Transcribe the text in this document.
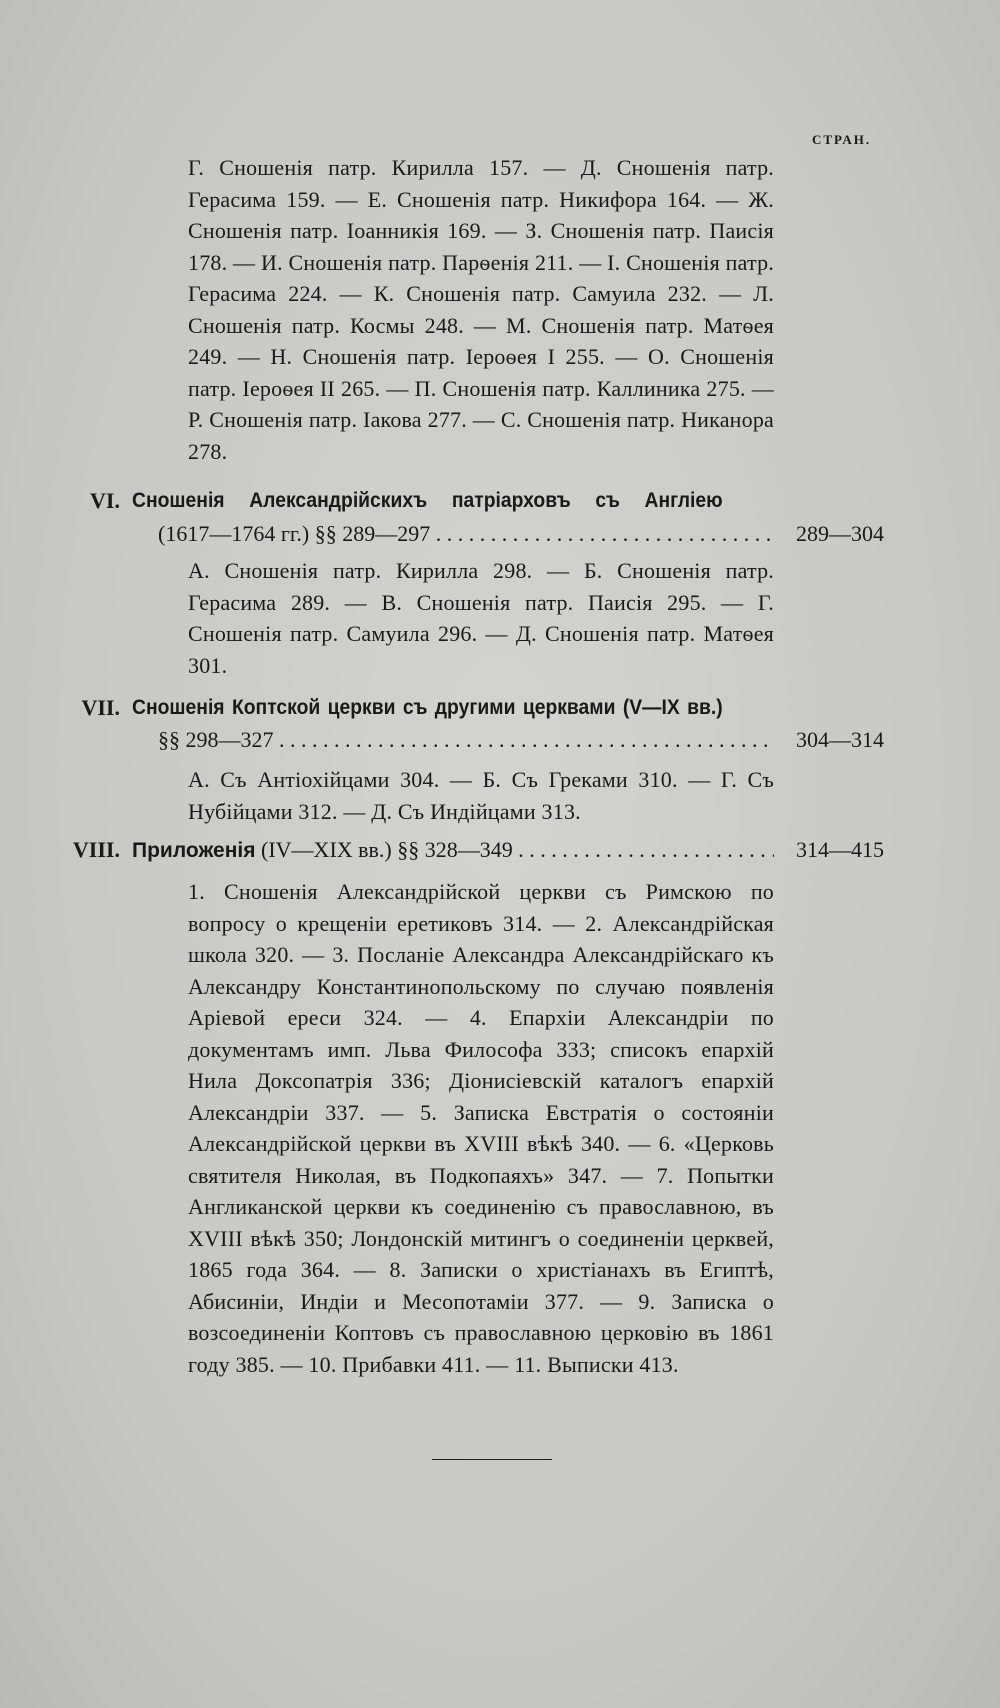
СТРАН.
Г. Сношенія патр. Кирилла 157. — Д. Сношенія патр. Герасима 159. — Е. Сношенія патр. Никифора 164. — Ж. Сношенія патр. Іоанникія 169. — З. Сношенія патр. Паисія 178. — И. Сношенія патр. Парѳенія 211. — І. Сношенія патр. Герасима 224. — К. Сношенія патр. Самуила 232. — Л. Сношенія патр. Космы 248. — М. Сношенія патр. Матѳея 249. — Н. Сношенія патр. Іероѳея I 255. — О. Сношенія патр. Іероѳея II 265. — П. Сношенія патр. Каллиника 275. — Р. Сношенія патр. Іакова 277. — С. Сношенія патр. Никанора 278.
VI. Сношенія Александрійскихъ патріарховъ съ Англіею
(1617—1764 гг.) §§ 289—297 . . .	289—304
А. Сношенія патр. Кирилла 298. — Б. Сношенія патр. Герасима 289. — В. Сношенія патр. Паисія 295. — Г. Сношенія патр. Самуила 296. — Д. Сношенія патр. Матѳея 301.
VII. Сношенія Коптской церкви съ другими церквами (V—IX вв.)
§§ 298—327 . . .	304—314
А. Съ Антіохійцами 304. — Б. Съ Греками 310. — Г. Съ Нубійцами 312. — Д. Съ Индійцами 313.
VIII. Приложенія (IV—XIX вв.) §§ 328—349 . . .	314—415
1. Сношенія Александрійской церкви съ Римскою по вопросу о крещеніи еретиковъ 314. — 2. Александрійская школа 320. — 3. Посланіе Александра Александрійскаго къ Александру Константинопольскому по случаю появленія Аріевой ереси 324. — 4. Епархіи Александріи по документамъ имп. Льва Философа 333; списокъ епархій Нила Доксопатрія 336; Діонисіевскій каталогъ епархій Александріи 337. — 5. Записка Евстратія о состояніи Александрійской церкви въ XVIII вѣкѣ 340. — 6. «Церковь святителя Николая, въ Подкопаяхъ» 347. — 7. Попытки Англиканской церкви къ соединенію съ православною, въ XVIII вѣкѣ 350; Лондонскій митингъ о соединеніи церквей, 1865 года 364. — 8. Записки о христіанахъ въ Египтѣ, Абисиніи, Индіи и Месопотаміи 377. — 9. Записка о возсоединеніи Коптовъ съ православною церковію въ 1861 году 385. — 10. Прибавки 411. — 11. Выписки 413.
